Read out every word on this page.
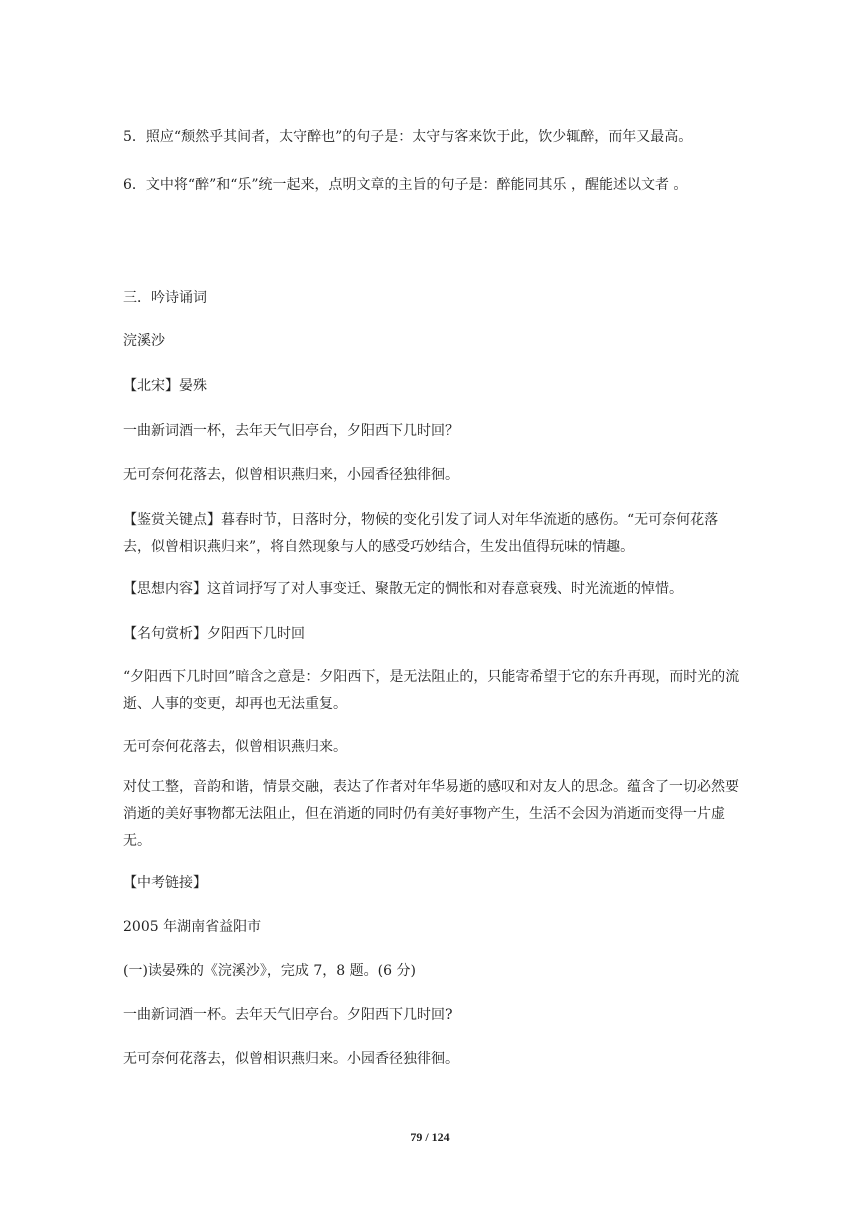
5．照应“颓然乎其间者，太守醉也”的句子是：太守与客来饮于此，饮少辄醉，而年又最高。

6．文中将“醉”和“乐”统一起来，点明文章的主旨的句子是：醉能同其乐 ，醒能述以文者 。

三．吟诗诵词

浣溪沙

【北宋】晏殊

一曲新词酒一杯，去年天气旧亭台，夕阳西下几时回？

无可奈何花落去，似曾相识燕归来，小园香径独徘徊。

【鉴赏关键点】暮春时节，日落时分，物候的变化引发了词人对年华流逝的感伤。“无可奈何花落去，似曾相识燕归来”，将自然现象与人的感受巧妙结合，生发出值得玩味的情趣。

【思想内容】这首词抒写了对人事变迁、聚散无定的惆怅和对春意衰残、时光流逝的悼惜。

【名句赏析】夕阳西下几时回

“夕阳西下几时回”暗含之意是：夕阳西下，是无法阻止的，只能寄希望于它的东升再现，而时光的流逝、人事的变更，却再也无法重复。

无可奈何花落去，似曾相识燕归来。

对仗工整，音韵和谐，情景交融，表达了作者对年华易逝的感叹和对友人的思念。蕴含了一切必然要消逝的美好事物都无法阻止，但在消逝的同时仍有美好事物产生，生活不会因为消逝而变得一片虚无。

【中考链接】

2005 年湖南省益阳市

(一)读晏殊的《浣溪沙》，完成 7，8 题。(6 分)

一曲新词酒一杯。去年天气旧亭台。夕阳西下几时回?

无可奈何花落去，似曾相识燕归来。小园香径独徘徊。

79 / 124
